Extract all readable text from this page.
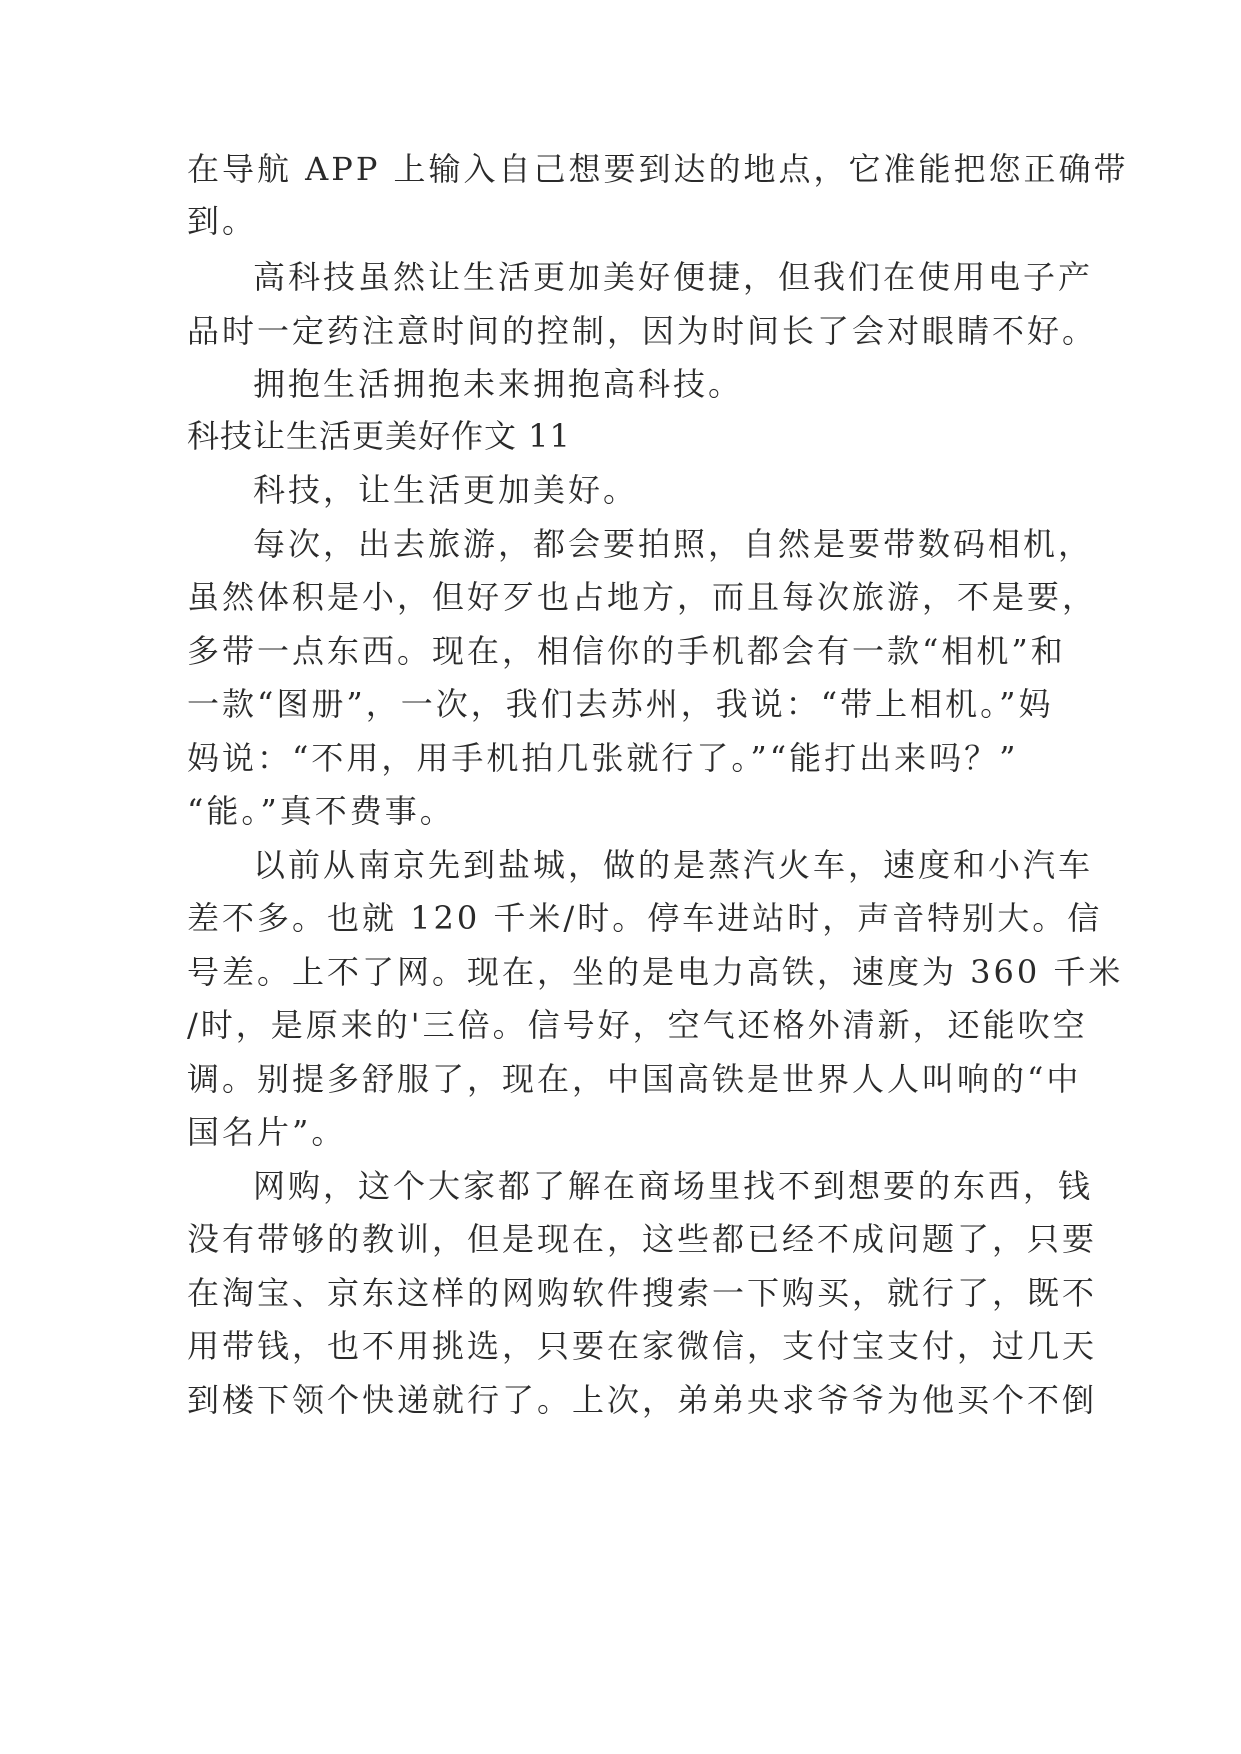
在导航 APP 上输入自己想要到达的地点，它准能把您正确带

到。

高科技虽然让生活更加美好便捷，但我们在使用电子产

品时一定药注意时间的控制，因为时间长了会对眼睛不好。

拥抱生活拥抱未来拥抱高科技。

科技让生活更美好作文 11

科技，让生活更加美好。

每次，出去旅游，都会要拍照，自然是要带数码相机，

虽然体积是小，但好歹也占地方，而且每次旅游，不是要，

多带一点东西。现在，相信你的手机都会有一款“相机”和

一款“图册”，一次，我们去苏州，我说：“带上相机。”妈

妈说：“不用，用手机拍几张就行了。”“能打出来吗？”

“能。”真不费事。

以前从南京先到盐城，做的是蒸汽火车，速度和小汽车

差不多。也就 120 千米/时。停车进站时，声音特别大。信

号差。上不了网。现在，坐的是电力高铁，速度为 360 千米

/时，是原来的'三倍。信号好，空气还格外清新，还能吹空

调。别提多舒服了，现在，中国高铁是世界人人叫响的“中

国名片”。

网购，这个大家都了解在商场里找不到想要的东西，钱

没有带够的教训，但是现在，这些都已经不成问题了，只要

在淘宝、京东这样的网购软件搜索一下购买，就行了，既不

用带钱，也不用挑选，只要在家微信，支付宝支付，过几天

到楼下领个快递就行了。上次，弟弟央求爷爷为他买个不倒
